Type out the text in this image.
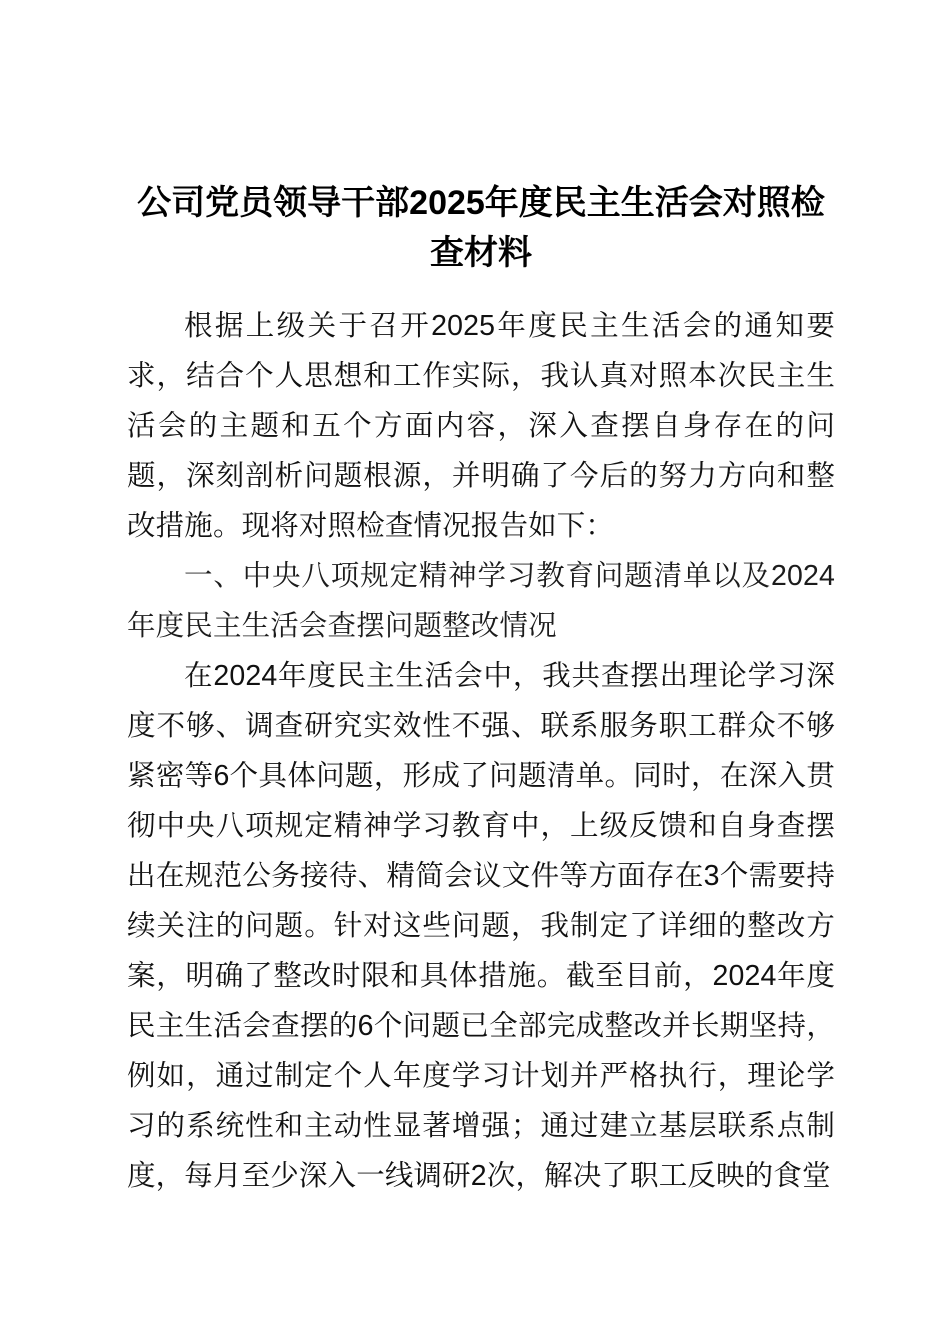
公司党员领导干部2025年度民主生活会对照检查材料

根据上级关于召开2025年度民主生活会的通知要求，结合个人思想和工作实际，我认真对照本次民主生活会的主题和五个方面内容，深入查摆自身存在的问题，深刻剖析问题根源，并明确了今后的努力方向和整改措施。现将对照检查情况报告如下：

一、中央八项规定精神学习教育问题清单以及2024年度民主生活会查摆问题整改情况

在2024年度民主生活会中，我共查摆出理论学习深度不够、调查研究实效性不强、联系服务职工群众不够紧密等6个具体问题，形成了问题清单。同时，在深入贯彻中央八项规定精神学习教育中，上级反馈和自身查摆出在规范公务接待、精简会议文件等方面存在3个需要持续关注的问题。针对这些问题，我制定了详细的整改方案，明确了整改时限和具体措施。截至目前，2024年度民主生活会查摆的6个问题已全部完成整改并长期坚持，例如，通过制定个人年度学习计划并严格执行，理论学习的系统性和主动性显著增强；通过建立基层联系点制度，每月至少深入一线调研2次，解决了职工反映的食堂
